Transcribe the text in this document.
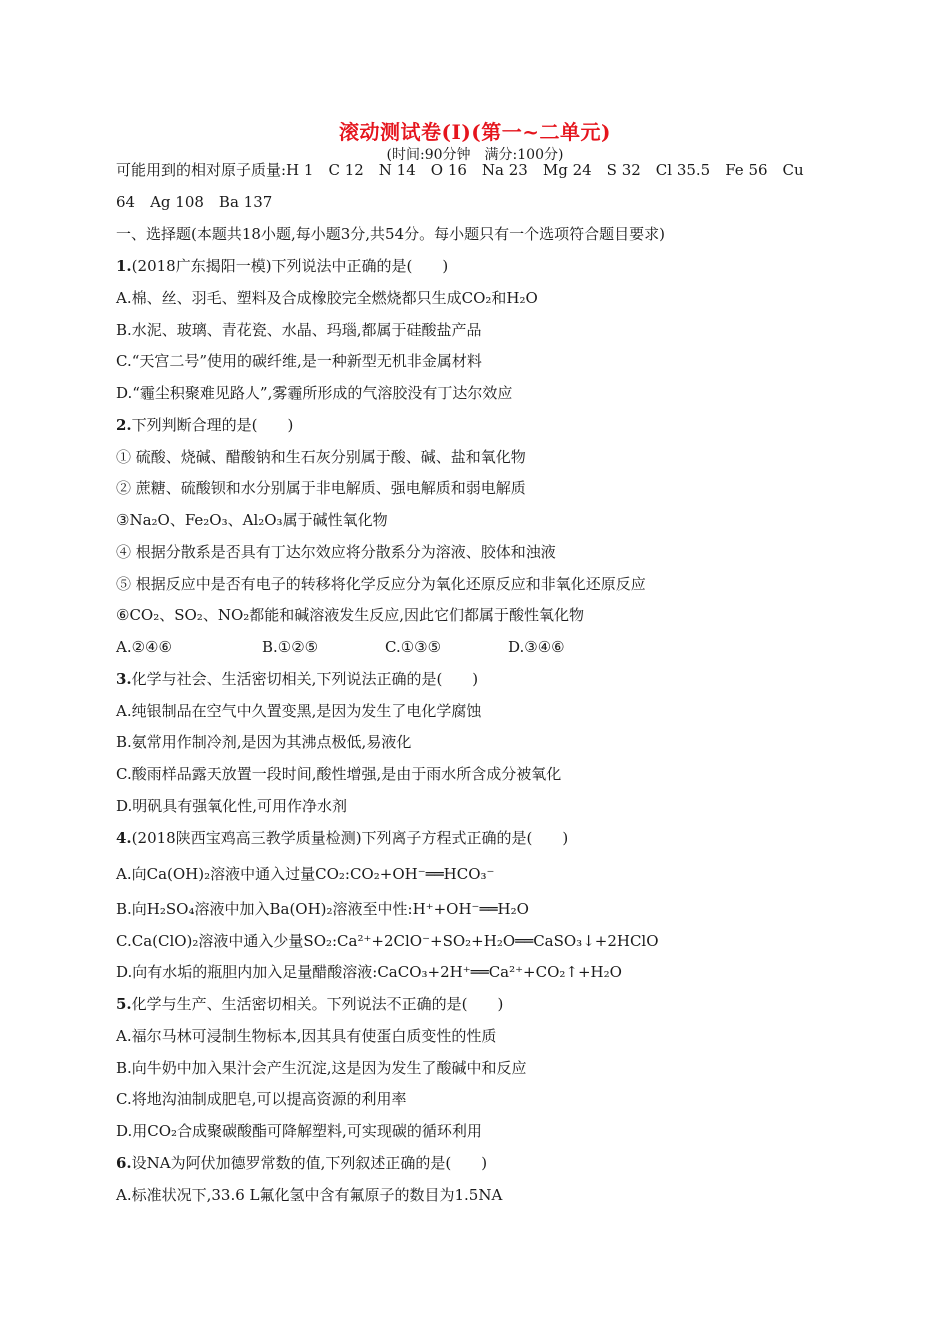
滚动测试卷(Ⅰ)(第一~二单元)
(时间:90分钟　满分:100分)
可能用到的相对原子质量:H 1　C 12　N 14　O 16　Na 23　Mg 24　S 32　Cl 35.5　Fe 56　Cu
64　Ag 108　Ba 137
一、选择题(本题共18小题,每小题3分,共54分。每小题只有一个选项符合题目要求)
1.(2018广东揭阳一模)下列说法中正确的是(　　)
A.棉、丝、羽毛、塑料及合成橡胶完全燃烧都只生成CO₂和H₂O
B.水泥、玻璃、青花瓷、水晶、玛瑙,都属于硅酸盐产品
C.“天宫二号”使用的碳纤维,是一种新型无机非金属材料
D.“霾尘积聚难见路人”,雾霾所形成的气溶胶没有丁达尔效应
2.下列判断合理的是(　　)
① 硫酸、烧碱、醋酸钠和生石灰分别属于酸、碱、盐和氧化物
② 蔗糖、硫酸钡和水分别属于非电解质、强电解质和弱电解质
③Na₂O、Fe₂O₃、Al₂O₃属于碱性氧化物
④ 根据分散系是否具有丁达尔效应将分散系分为溶液、胶体和浊液
⑤ 根据反应中是否有电子的转移将化学反应分为氧化还原反应和非氧化还原反应
⑥CO₂、SO₂、NO₂都能和碱溶液发生反应,因此它们都属于酸性氧化物
A.②④⑥	B.①②⑤	C.①③⑤	D.③④⑥
3.化学与社会、生活密切相关,下列说法正确的是(　　)
A.纯银制品在空气中久置变黑,是因为发生了电化学腐蚀
B.氨常用作制冷剂,是因为其沸点极低,易液化
C.酸雨样品露天放置一段时间,酸性增强,是由于雨水所含成分被氧化
D.明矾具有强氧化性,可用作净水剂
4.(2018陕西宝鸡高三教学质量检测)下列离子方程式正确的是(　　)
A.向Ca(OH)₂溶液中通入过量CO₂:CO₂+OH⁻══HCO₃⁻
B.向H₂SO₄溶液中加入Ba(OH)₂溶液至中性:H⁺+OH⁻══H₂O
C.Ca(ClO)₂溶液中通入少量SO₂:Ca²⁺+2ClO⁻+SO₂+H₂O══CaSO₃↓+2HClO
D.向有水垢的瓶胆内加入足量醋酸溶液:CaCO₃+2H⁺══Ca²⁺+CO₂↑+H₂O
5.化学与生产、生活密切相关。下列说法不正确的是(　　)
A.福尔马林可浸制生物标本,因其具有使蛋白质变性的性质
B.向牛奶中加入果汁会产生沉淀,这是因为发生了酸碱中和反应
C.将地沟油制成肥皂,可以提高资源的利用率
D.用CO₂合成聚碳酸酯可降解塑料,可实现碳的循环利用
6.设NA为阿伏加德罗常数的值,下列叙述正确的是(　　)
A.标准状况下,33.6 L氟化氢中含有氟原子的数目为1.5NA
